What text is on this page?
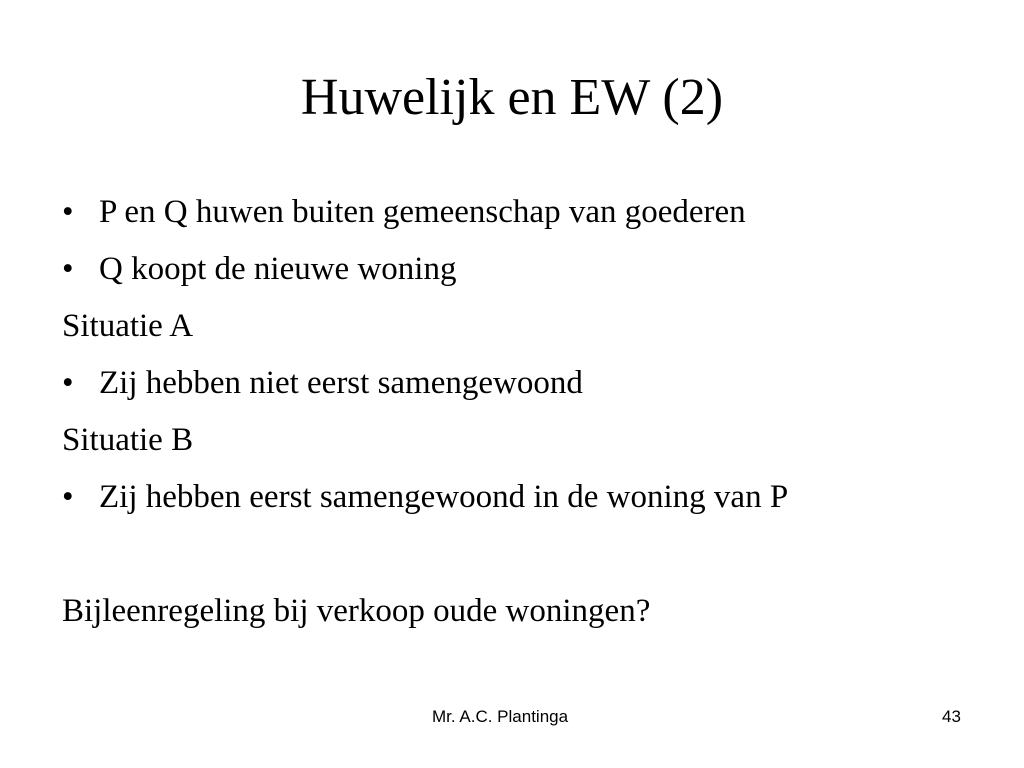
Huwelijk en EW (2)
• P en Q huwen buiten gemeenschap van goederen
• Q koopt de nieuwe woning
Situatie A
• Zij hebben niet eerst samengewoond
Situatie B
• Zij hebben eerst samengewoond in de woning van P
Bijleenregeling bij verkoop oude woningen?
Mr. A.C. Plantinga	43
